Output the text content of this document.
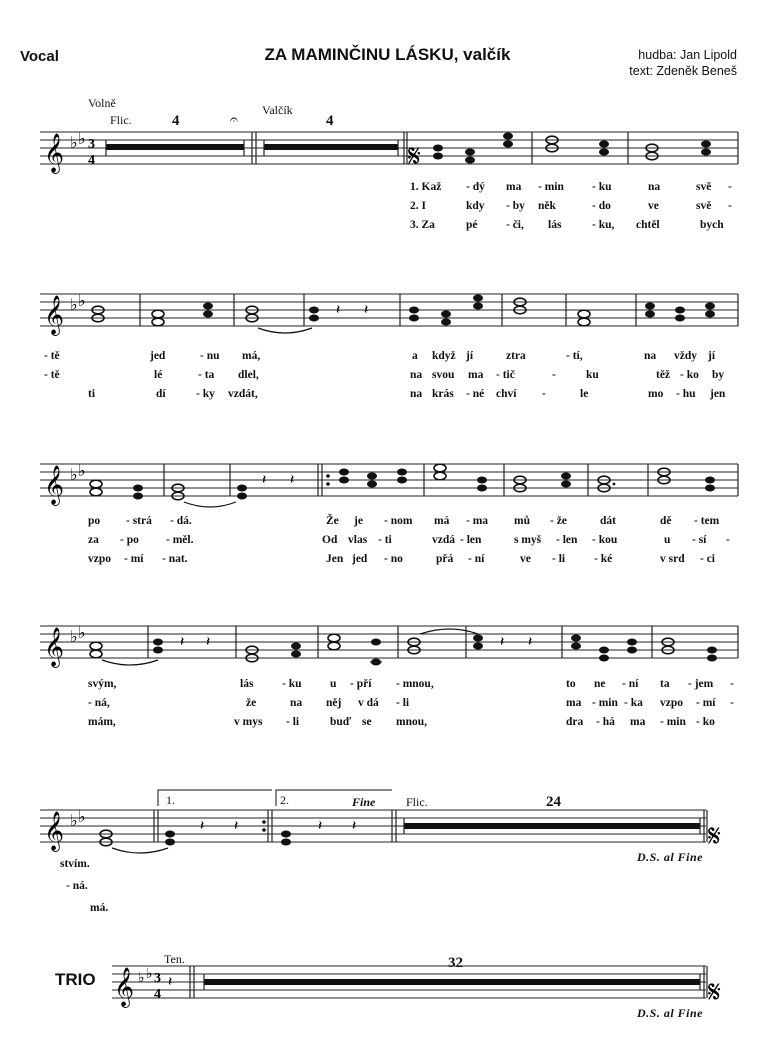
Vocal	ZA MAMINČINU LÁSKU, valčík	hudba: Jan Lipold
text: Zdeněk Beneš
Volně
Flic.	4
Valčík
4
𝄞 ♭ ♭ 3
4
𝄐
𝄋
1. Kaž - dý ma - min - ku	na	svě -
2. I	kdy - by něk	- do	ve	svě -
3. Za	pé - či, lás	- ku, chtěl	bych
𝄞 ♭ ♭	𝄽 𝄽
- tě	jed	- nu má,	a když jí	ztra	- tí,	na vždy jí
- tě	lé	- ta dlel,	na svou ma - tič	-	ku	těž - ko by
ti	dí	- ky vzdát,	na krás - né chví -	le	mo - hu jen
𝄞 ♭ ♭	𝄽 𝄽
po - strá - dá.	Že je - nom má - ma mů - že	dát	dě - tem
za - po - měl.	Od vlas - ti	vzdá - len	s myš - len - kou	u - sí -
vzpo - mí - nat.	Jen jed - no	přá - ní	ve - li	- ké	v srd - ci
𝄞 ♭ ♭	𝄽 𝄽	𝄽 𝄽
svým,	lás - ku u - pří - mnou,	to ne - ní ta - jem -
- ná,	že	na něj v dá - li	ma - min - ka vzpo - mí -
mám,	v mys - li	buď se mnou,	dra - há ma - min - ko
1.	2.	Fine	Flic.	24
D.S. al Fine
𝄞 ♭ ♭	𝄽 𝄽	𝄽 𝄽	𝄋
stvím.
- ná.
má.
TRIO
Ten.	32
D.S. al Fine
𝄞 ♭ ♭ 3
4
𝄽	𝄋
